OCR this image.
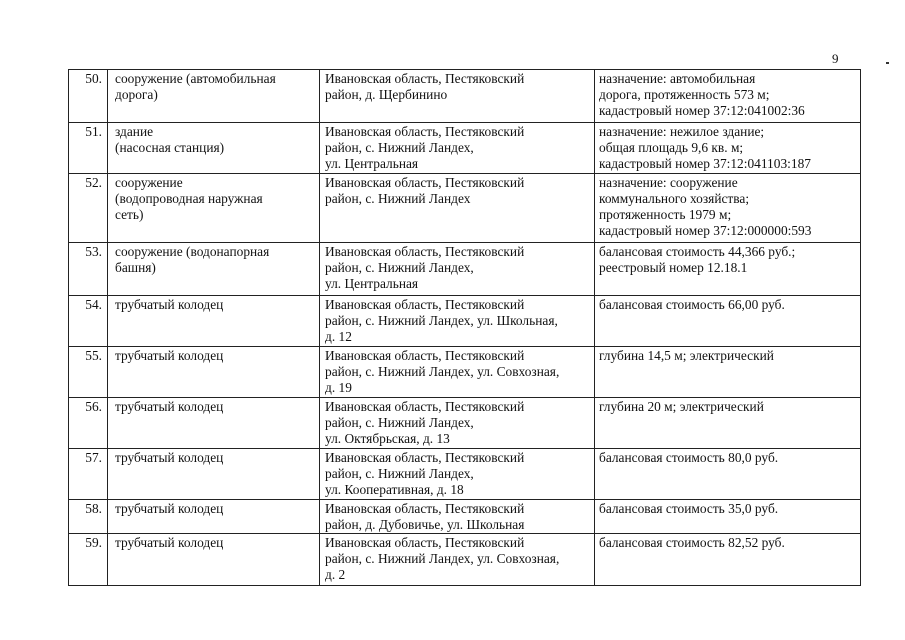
9
50.	сооружение (автомобильная
дорога)	Ивановская область, Пестяковский
район, д. Щербинино	назначение: автомобильная
дорога, протяженность 573 м;
кадастровый номер 37:12:041002:36

51.	здание
(насосная станция)	Ивановская область, Пестяковский
район, с. Нижний Ландех,
ул. Центральная	назначение: нежилое здание;
общая площадь 9,6 кв. м;
кадастровый номер 37:12:041103:187

52.	сооружение
(водопроводная наружная
сеть)	Ивановская область, Пестяковский
район, с. Нижний Ландех	назначение: сооружение
коммунального хозяйства;
протяженность 1979 м;
кадастровый номер 37:12:000000:593

53.	сооружение (водонапорная
башня)	Ивановская область, Пестяковский
район, с. Нижний Ландех,
ул. Центральная	балансовая стоимость 44,366 руб.;
реестровый номер 12.18.1

54.	трубчатый колодец	Ивановская область, Пестяковский
район, с. Нижний Ландех, ул. Школьная,
д. 12	балансовая стоимость 66,00 руб.

55.	трубчатый колодец	Ивановская область, Пестяковский
район, с. Нижний Ландех, ул. Совхозная,
д. 19	глубина 14,5 м; электрический

56.	трубчатый колодец	Ивановская область, Пестяковский
район, с. Нижний Ландех,
ул. Октябрьская, д. 13	глубина 20 м; электрический

57.	трубчатый колодец	Ивановская область, Пестяковский
район, с. Нижний Ландех,
ул. Кооперативная, д. 18	балансовая стоимость 80,0 руб.

58.	трубчатый колодец	Ивановская область, Пестяковский
район, д. Дубовичье, ул. Школьная	балансовая стоимость 35,0 руб.

59.	трубчатый колодец	Ивановская область, Пестяковский
район, с. Нижний Ландех, ул. Совхозная,
д. 2	балансовая стоимость 82,52 руб.
